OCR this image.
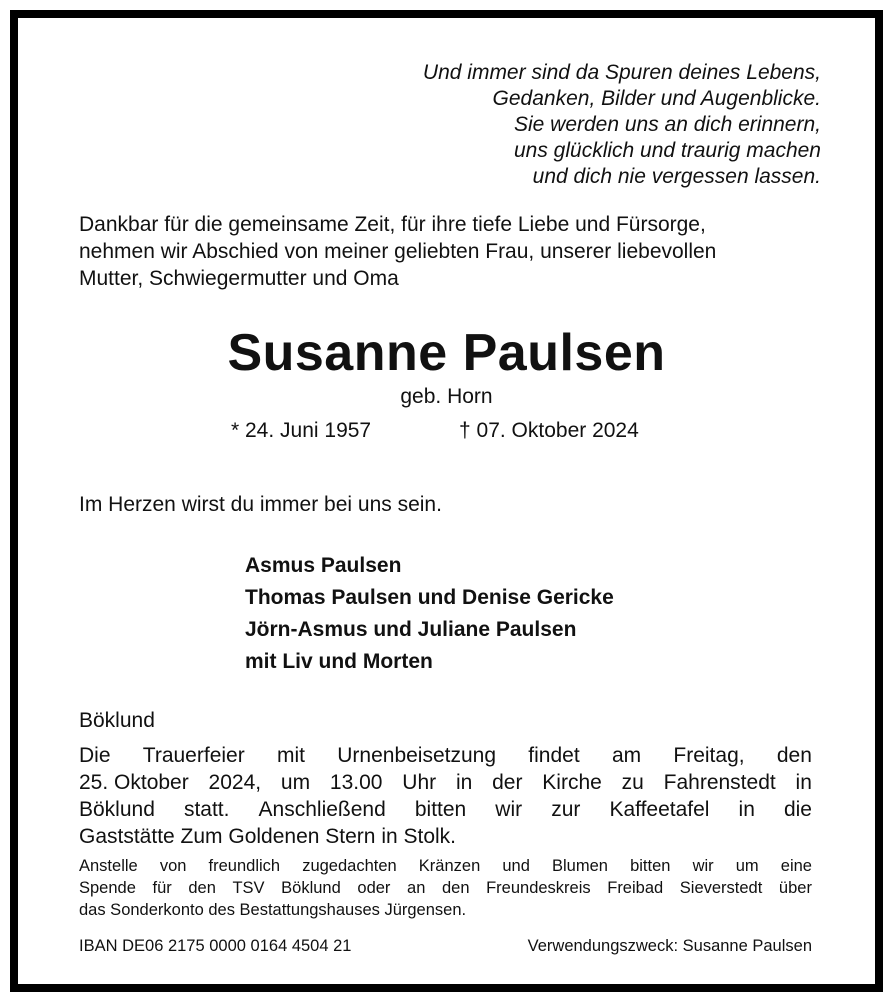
Und immer sind da Spuren deines Lebens,
Gedanken, Bilder und Augenblicke.
Sie werden uns an dich erinnern,
uns glücklich und traurig machen
und dich nie vergessen lassen.
Dankbar für die gemeinsame Zeit, für ihre tiefe Liebe und Fürsorge,
nehmen wir Abschied von meiner geliebten Frau, unserer liebevollen
Mutter, Schwiegermutter und Oma
Susanne Paulsen
geb. Horn
* 24. Juni 1957	† 07. Oktober 2024
Im Herzen wirst du immer bei uns sein.
Asmus Paulsen
Thomas Paulsen und Denise Gericke
Jörn-Asmus und Juliane Paulsen
mit Liv und Morten
Böklund
Die Trauerfeier mit Urnenbeisetzung findet am Freitag, den
25. Oktober 2024, um 13.00 Uhr in der Kirche zu Fahrenstedt in
Böklund statt. Anschließend bitten wir zur Kaffeetafel in die
Gaststätte Zum Goldenen Stern in Stolk.
Anstelle von freundlich zugedachten Kränzen und Blumen bitten wir um eine
Spende für den TSV Böklund oder an den Freundeskreis Freibad Sieverstedt über
das Sonderkonto des Bestattungshauses Jürgensen.
IBAN DE06 2175 0000 0164 4504 21	Verwendungszweck: Susanne Paulsen
